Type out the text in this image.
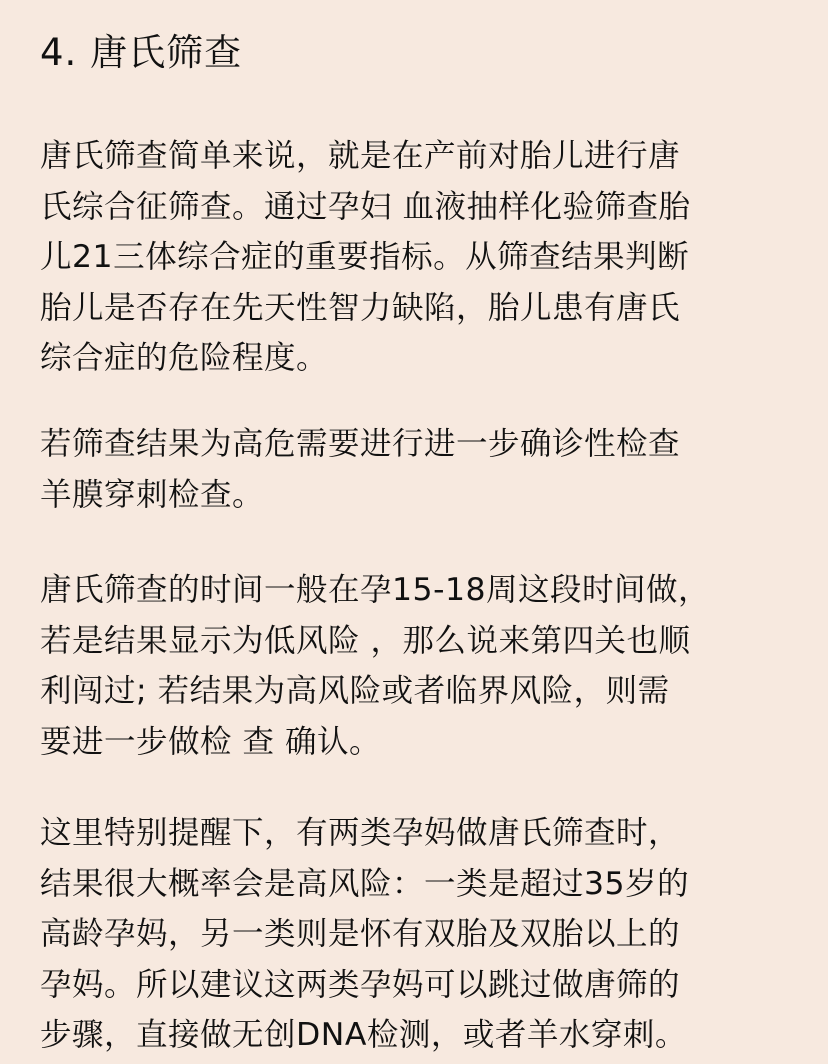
4. 唐氏筛查

唐氏筛查简单来说，就是在产前对胎儿进行唐
氏综合征筛查。通过孕妇 血液抽样化验筛查胎
儿21三体综合症的重要指标。从筛查结果判断
胎儿是否存在先天性智力缺陷，胎儿患有唐氏
综合症的危险程度。

若筛查结果为高危需要进行进一步确诊性检查
羊膜穿刺检查。

唐氏筛查的时间一般在孕15-18周这段时间做，
若是结果显示为低风险 ，那么说来第四关也顺
利闯过; 若结果为高风险或者临界风险，则需
要进一步做检 查 确认。

这里特别提醒下，有两类孕妈做唐氏筛查时，
结果很大概率会是高风险：一类是超过35岁的
高龄孕妈，另一类则是怀有双胎及双胎以上的
孕妈。所以建议这两类孕妈可以跳过做唐筛的
步骤，直接做无创DNA检测，或者羊水穿刺。
